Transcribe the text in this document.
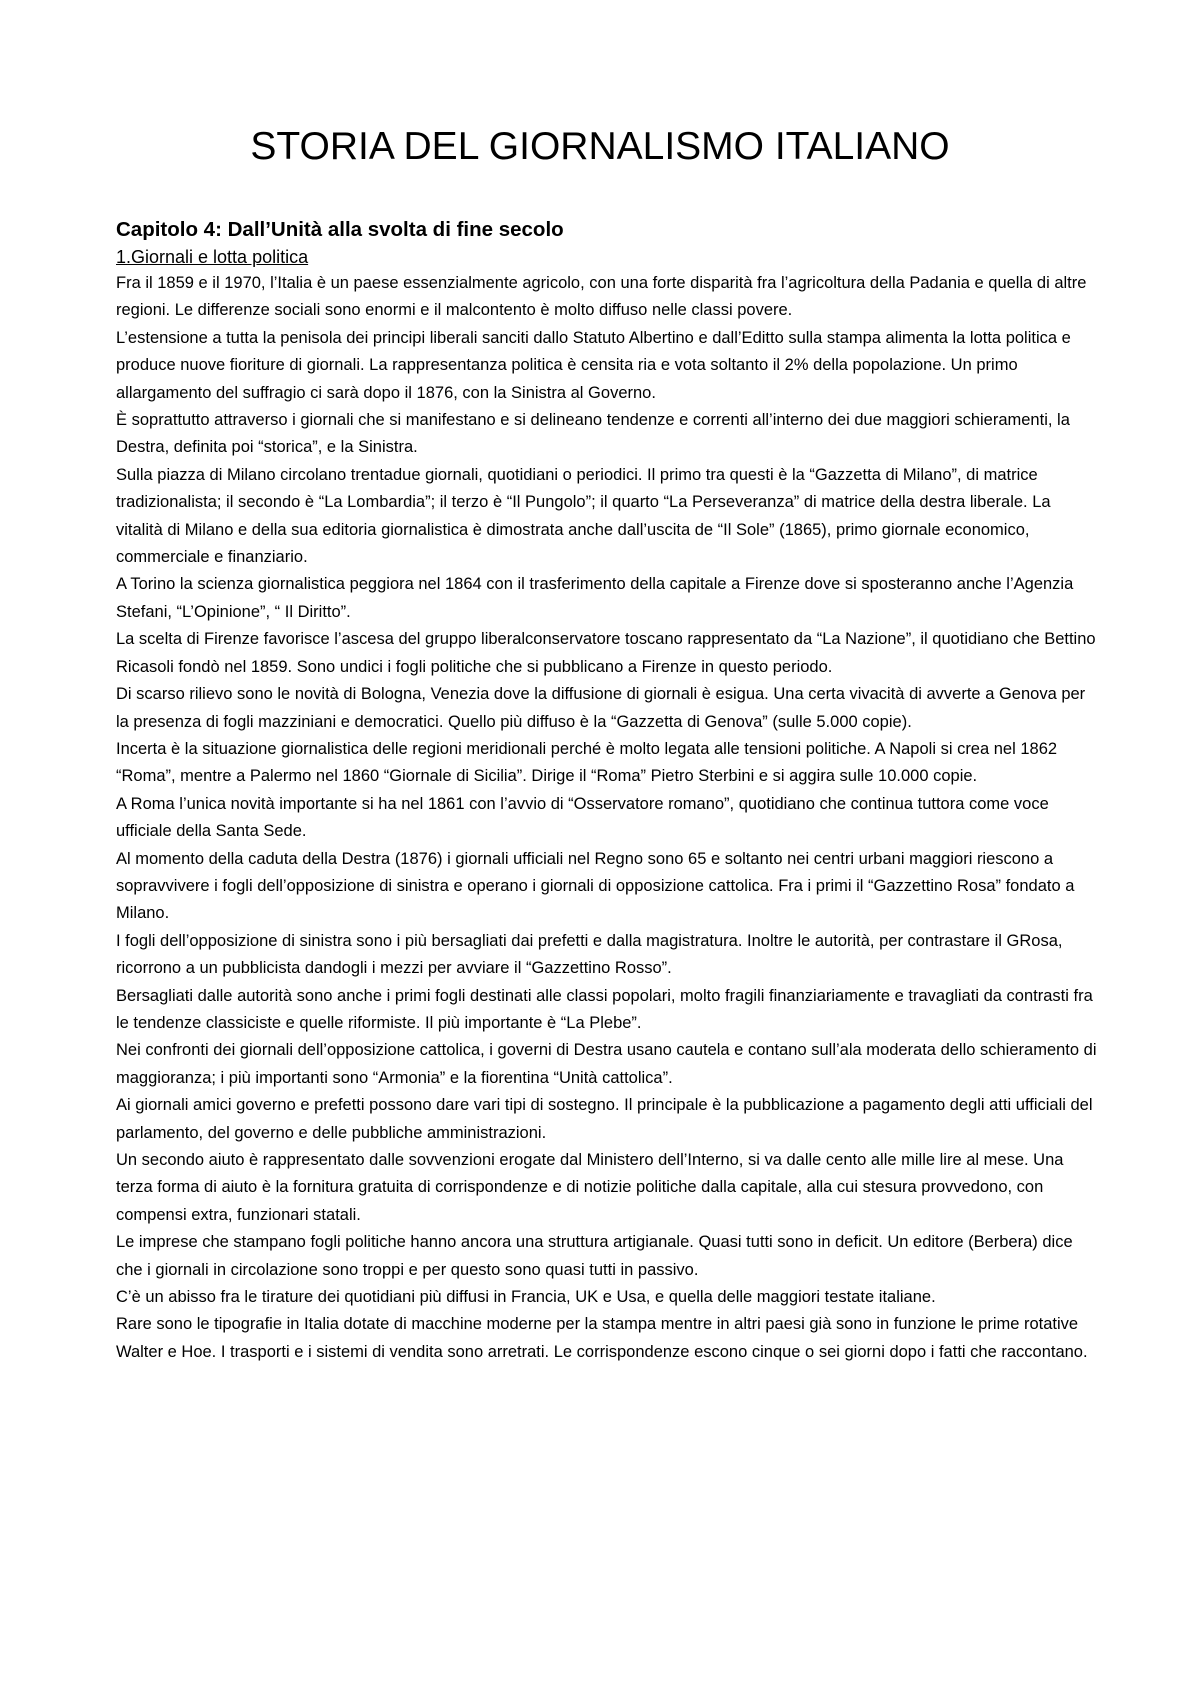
STORIA DEL GIORNALISMO ITALIANO
Capitolo 4: Dall’Unità alla svolta di fine secolo
1.Giornali e lotta politica

Fra il 1859 e il 1970, l’Italia è un paese essenzialmente agricolo, con una forte disparità fra l’agricoltura della Padania e quella di altre regioni. Le differenze sociali sono enormi e il malcontento è molto diffuso nelle classi povere.

L’estensione a tutta la penisola dei principi liberali sanciti dallo Statuto Albertino e dall’Editto sulla stampa alimenta la lotta politica e produce nuove fioriture di giornali. La rappresentanza politica è censita ria e vota soltanto il 2% della popolazione. Un primo allargamento del suffragio ci sarà dopo il 1876, con la Sinistra al Governo.

È soprattutto attraverso i giornali che si manifestano e si delineano tendenze e correnti all’interno dei due maggiori schieramenti, la Destra, definita poi “storica”, e la Sinistra.

Sulla piazza di Milano circolano trentadue giornali, quotidiani o periodici. Il primo tra questi è la “Gazzetta di Milano”, di matrice tradizionalista; il secondo è “La Lombardia”; il terzo è “Il Pungolo”; il quarto “La Perseveranza” di matrice della destra liberale. La vitalità di Milano e della sua editoria giornalistica è dimostrata anche dall’uscita de “Il Sole” (1865), primo giornale economico, commerciale e finanziario.

A Torino la scienza giornalistica peggiora nel 1864 con il trasferimento della capitale a Firenze dove si sposteranno anche l’Agenzia Stefani, “L’Opinione”, “ Il Diritto”.

La scelta di Firenze favorisce l’ascesa del gruppo liberalconservatore toscano rappresentato da “La Nazione”, il quotidiano che Bettino Ricasoli fondò nel 1859. Sono undici i fogli politiche che si pubblicano a Firenze in questo periodo.

Di scarso rilievo sono le novità di Bologna, Venezia dove la diffusione di giornali è esigua. Una certa vivacità di avverte a Genova per la presenza di fogli mazziniani e democratici. Quello più diffuso è la “Gazzetta di Genova” (sulle 5.000 copie).

Incerta è la situazione giornalistica delle regioni meridionali perché è molto legata alle tensioni politiche. A Napoli si crea nel 1862 “Roma”, mentre a Palermo nel 1860 “Giornale di Sicilia”. Dirige il “Roma” Pietro Sterbini e si aggira sulle 10.000 copie.

A Roma l’unica novità importante si ha nel 1861 con l’avvio di “Osservatore romano”, quotidiano che continua tuttora come voce ufficiale della Santa Sede.

Al momento della caduta della Destra (1876) i giornali ufficiali nel Regno sono 65 e soltanto nei centri urbani maggiori riescono a sopravvivere i fogli dell’opposizione di sinistra e operano i giornali di opposizione cattolica. Fra i primi il “Gazzettino Rosa” fondato a Milano.

I fogli dell’opposizione di sinistra sono i più bersagliati dai prefetti e dalla magistratura. Inoltre le autorità, per contrastare il GRosa, ricorrono a un pubblicista dandogli i mezzi per avviare il “Gazzettino Rosso”.

Bersagliati dalle autorità sono anche i primi fogli destinati alle classi popolari, molto fragili finanziariamente e travagliati da contrasti fra le tendenze classiciste e quelle riformiste. Il più importante è “La Plebe”.

Nei confronti dei giornali dell’opposizione cattolica, i governi di Destra usano cautela e contano sull’ala moderata dello schieramento di maggioranza; i più importanti sono “Armonia” e la fiorentina “Unità cattolica”.

Ai giornali amici governo e prefetti possono dare vari tipi di sostegno. Il principale è la pubblicazione a pagamento degli atti ufficiali del parlamento, del governo e delle pubbliche amministrazioni.

Un secondo aiuto è rappresentato dalle sovvenzioni erogate dal Ministero dell’Interno, si va dalle cento alle mille lire al mese. Una terza forma di aiuto è la fornitura gratuita di corrispondenze e di notizie politiche dalla capitale, alla cui stesura provvedono, con compensi extra, funzionari statali.

Le imprese che stampano fogli politiche hanno ancora una struttura artigianale. Quasi tutti sono in deficit. Un editore (Berbera) dice che i giornali in circolazione sono troppi e per questo sono quasi tutti in passivo.

C’è un abisso fra le tirature dei quotidiani più diffusi in Francia, UK e Usa, e quella delle maggiori testate italiane.

Rare sono le tipografie in Italia dotate di macchine moderne per la stampa mentre in altri paesi già sono in funzione le prime rotative Walter e Hoe. I trasporti e i sistemi di vendita sono arretrati. Le corrispondenze escono cinque o sei giorni dopo i fatti che raccontano.
